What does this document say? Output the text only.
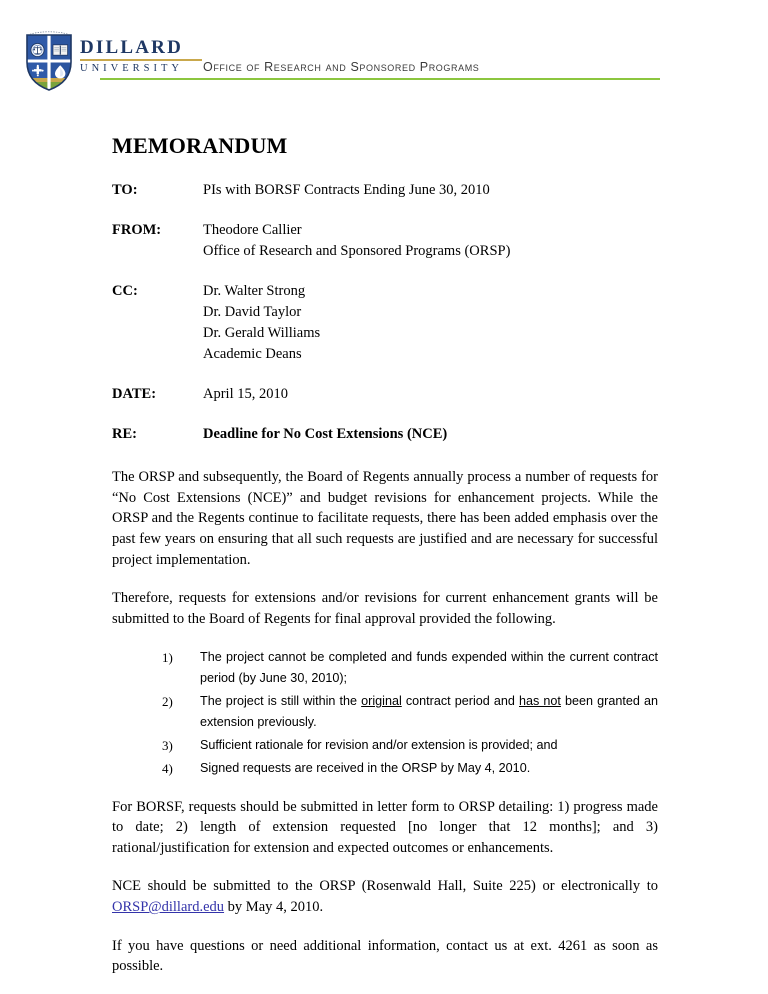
DILLARD
UNIVERSITY	Office of Research and Sponsored Programs
MEMORANDUM
TO:	PIs with BORSF Contracts Ending June 30, 2010
FROM:	Theodore Callier
Office of Research and Sponsored Programs (ORSP)
CC:	Dr. Walter Strong
Dr. David Taylor
Dr. Gerald Williams
Academic Deans
DATE:	April 15, 2010
RE:	Deadline for No Cost Extensions (NCE)

The ORSP and subsequently, the Board of Regents annually process a number of requests for “No Cost Extensions (NCE)” and budget revisions for enhancement projects. While the ORSP and the Regents continue to facilitate requests, there has been added emphasis over the past few years on ensuring that all such requests are justified and are necessary for successful project implementation.

Therefore, requests for extensions and/or revisions for current enhancement grants will be submitted to the Board of Regents for final approval provided the following.

1) The project cannot be completed and funds expended within the current contract period (by June 30, 2010);
2) The project is still within the original contract period and has not been granted an extension previously.
3) Sufficient rationale for revision and/or extension is provided; and
4) Signed requests are received in the ORSP by May 4, 2010.

For BORSF, requests should be submitted in letter form to ORSP detailing: 1) progress made to date; 2) length of extension requested [no longer that 12 months]; and 3) rational/justification for extension and expected outcomes or enhancements.

NCE should be submitted to the ORSP (Rosenwald Hall, Suite 225) or electronically to ORSP@dillard.edu by May 4, 2010.

If you have questions or need additional information, contact us at ext. 4261 as soon as possible.
